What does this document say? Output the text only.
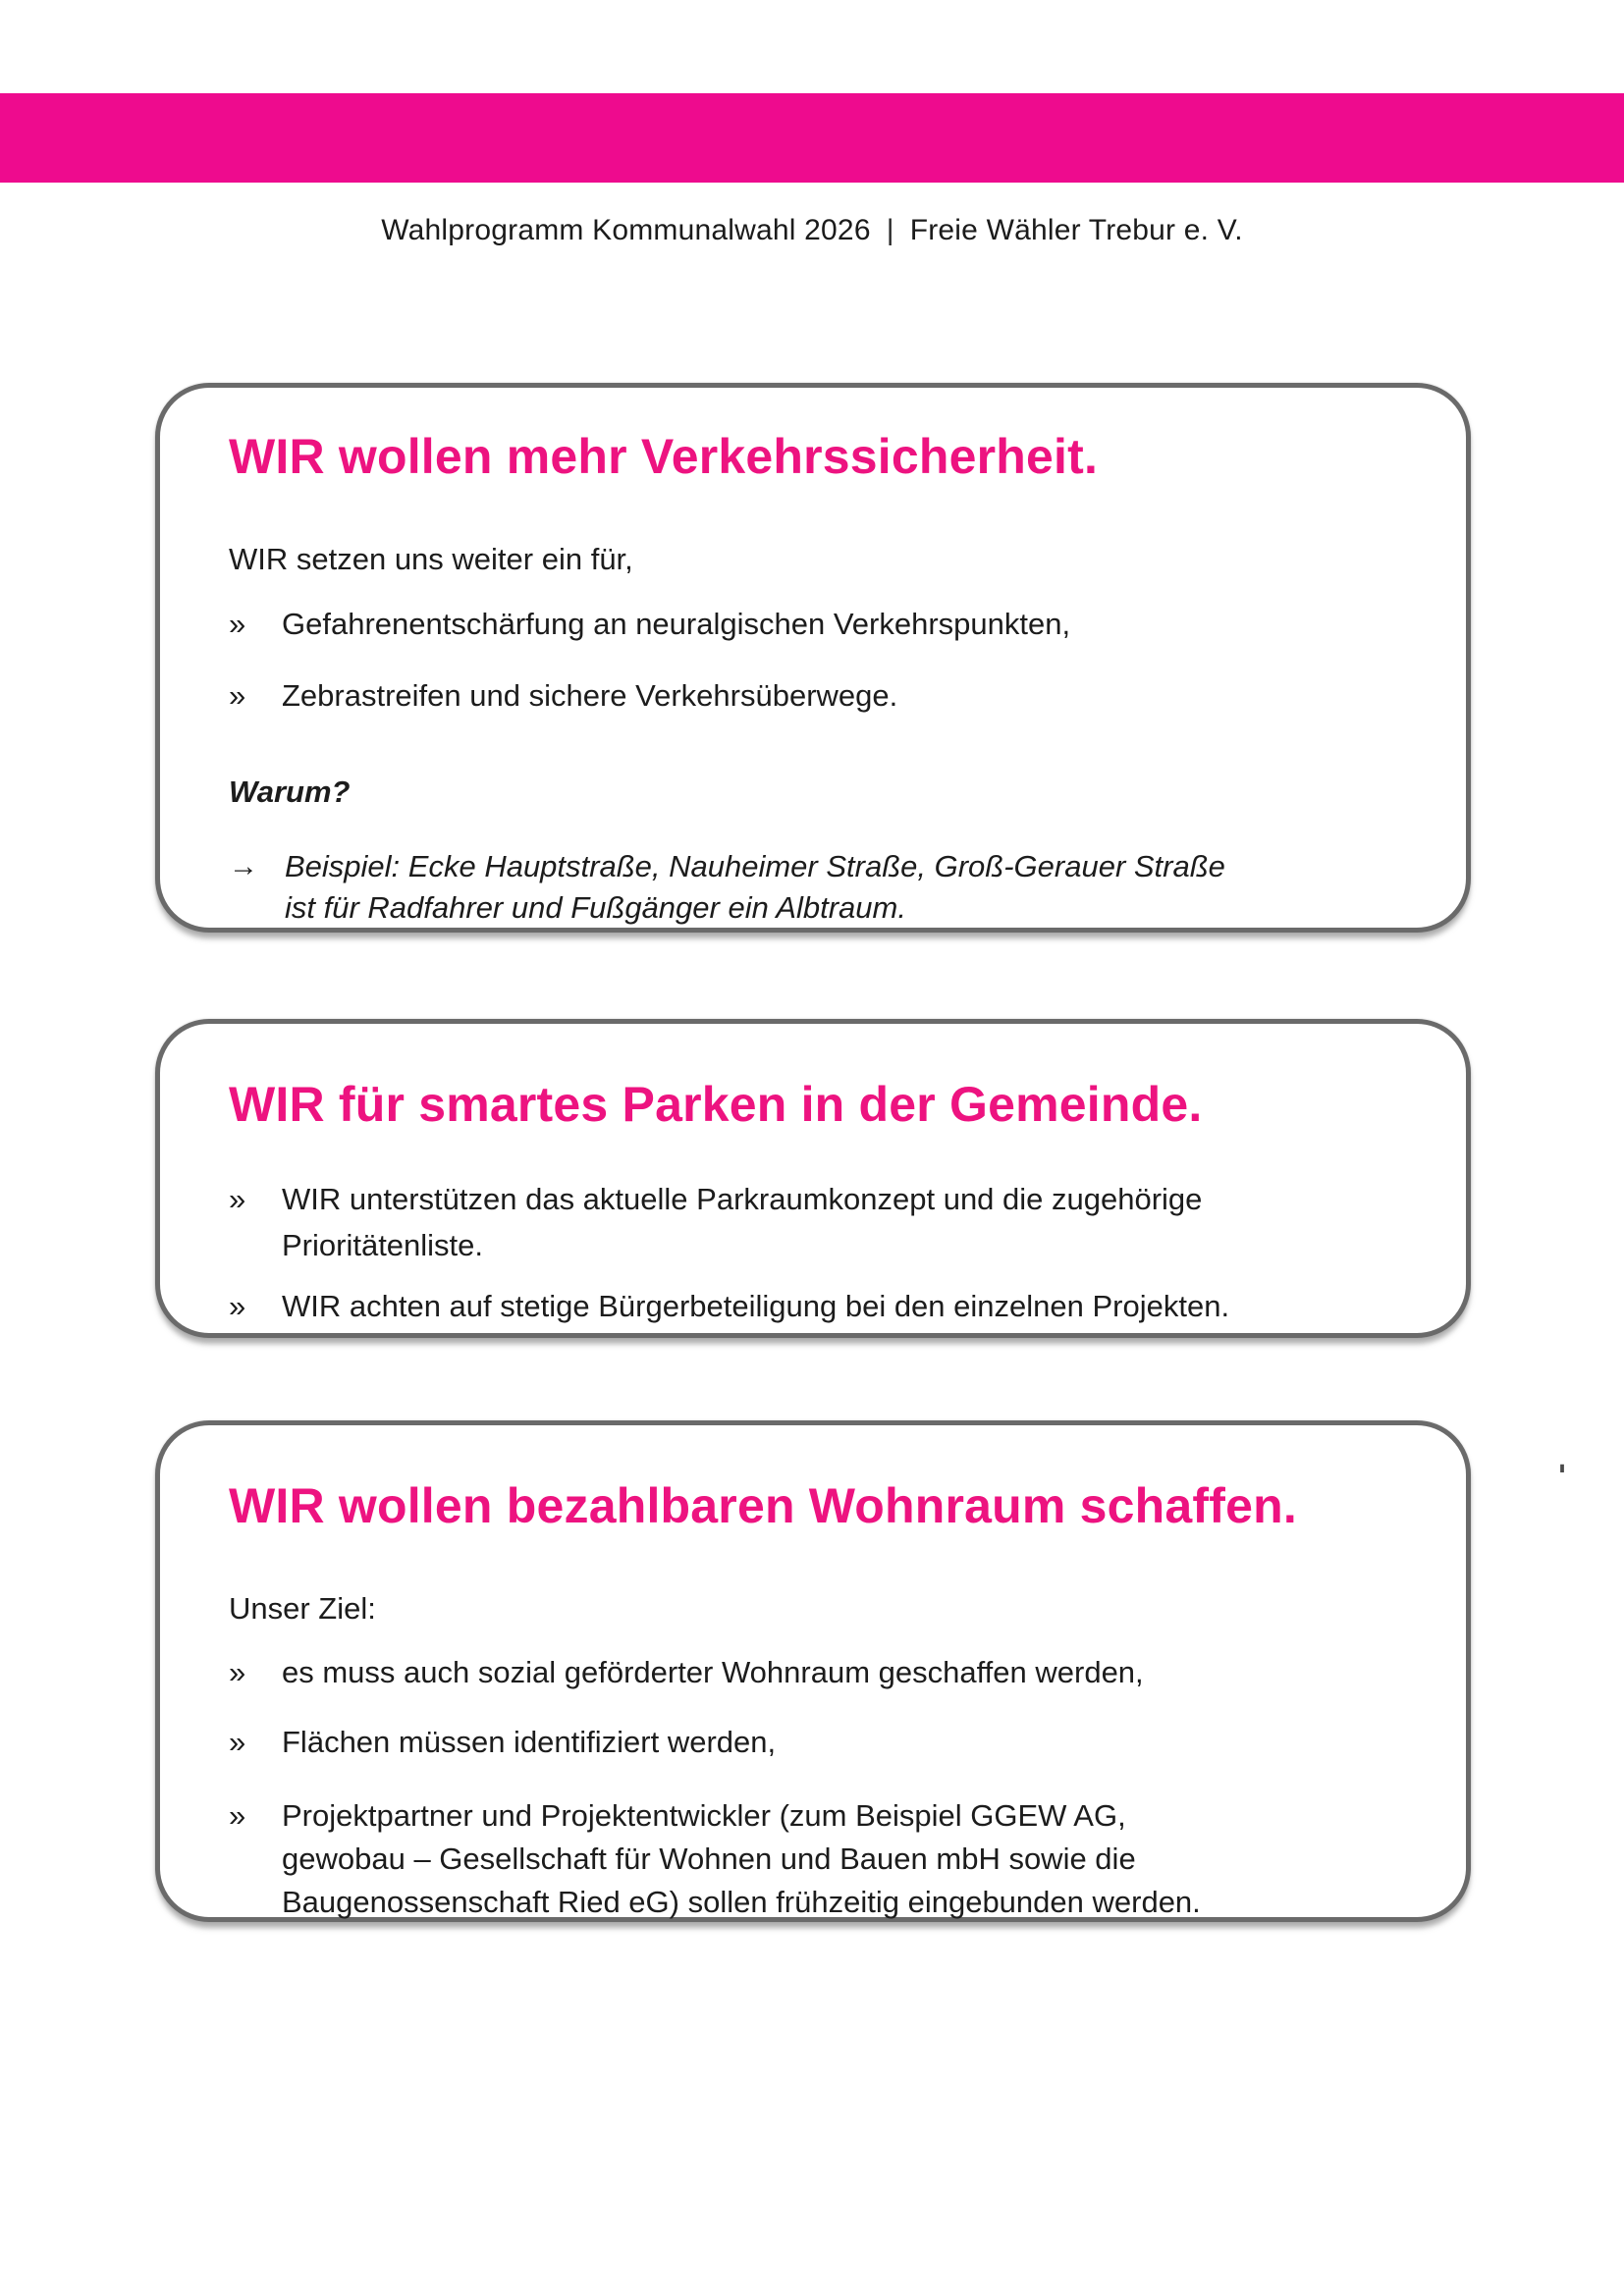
Wahlprogramm Kommunalwahl 2026 | Freie Wähler Trebur e. V.
WIR wollen mehr Verkehrssicherheit.
WIR setzen uns weiter ein für,
»	Gefahrenentschärfung an neuralgischen Verkehrspunkten,
»	Zebrastreifen und sichere Verkehrsüberwege.
Warum?
→ Beispiel: Ecke Hauptstraße, Nauheimer Straße, Groß-Gerauer Straße
ist für Radfahrer und Fußgänger ein Albtraum.
WIR für smartes Parken in der Gemeinde.
»	WIR unterstützen das aktuelle Parkraumkonzept und die zugehörige
Prioritätenliste.
»	WIR achten auf stetige Bürgerbeteiligung bei den einzelnen Projekten.
WIR wollen bezahlbaren Wohnraum schaffen.
Unser Ziel:
»	es muss auch sozial geförderter Wohnraum geschaffen werden,
»	Flächen müssen identifiziert werden,
»	Projektpartner und Projektentwickler (zum Beispiel GGEW AG,
gewobau – Gesellschaft für Wohnen und Bauen mbH sowie die
Baugenossenschaft Ried eG) sollen frühzeitig eingebunden werden.
'
